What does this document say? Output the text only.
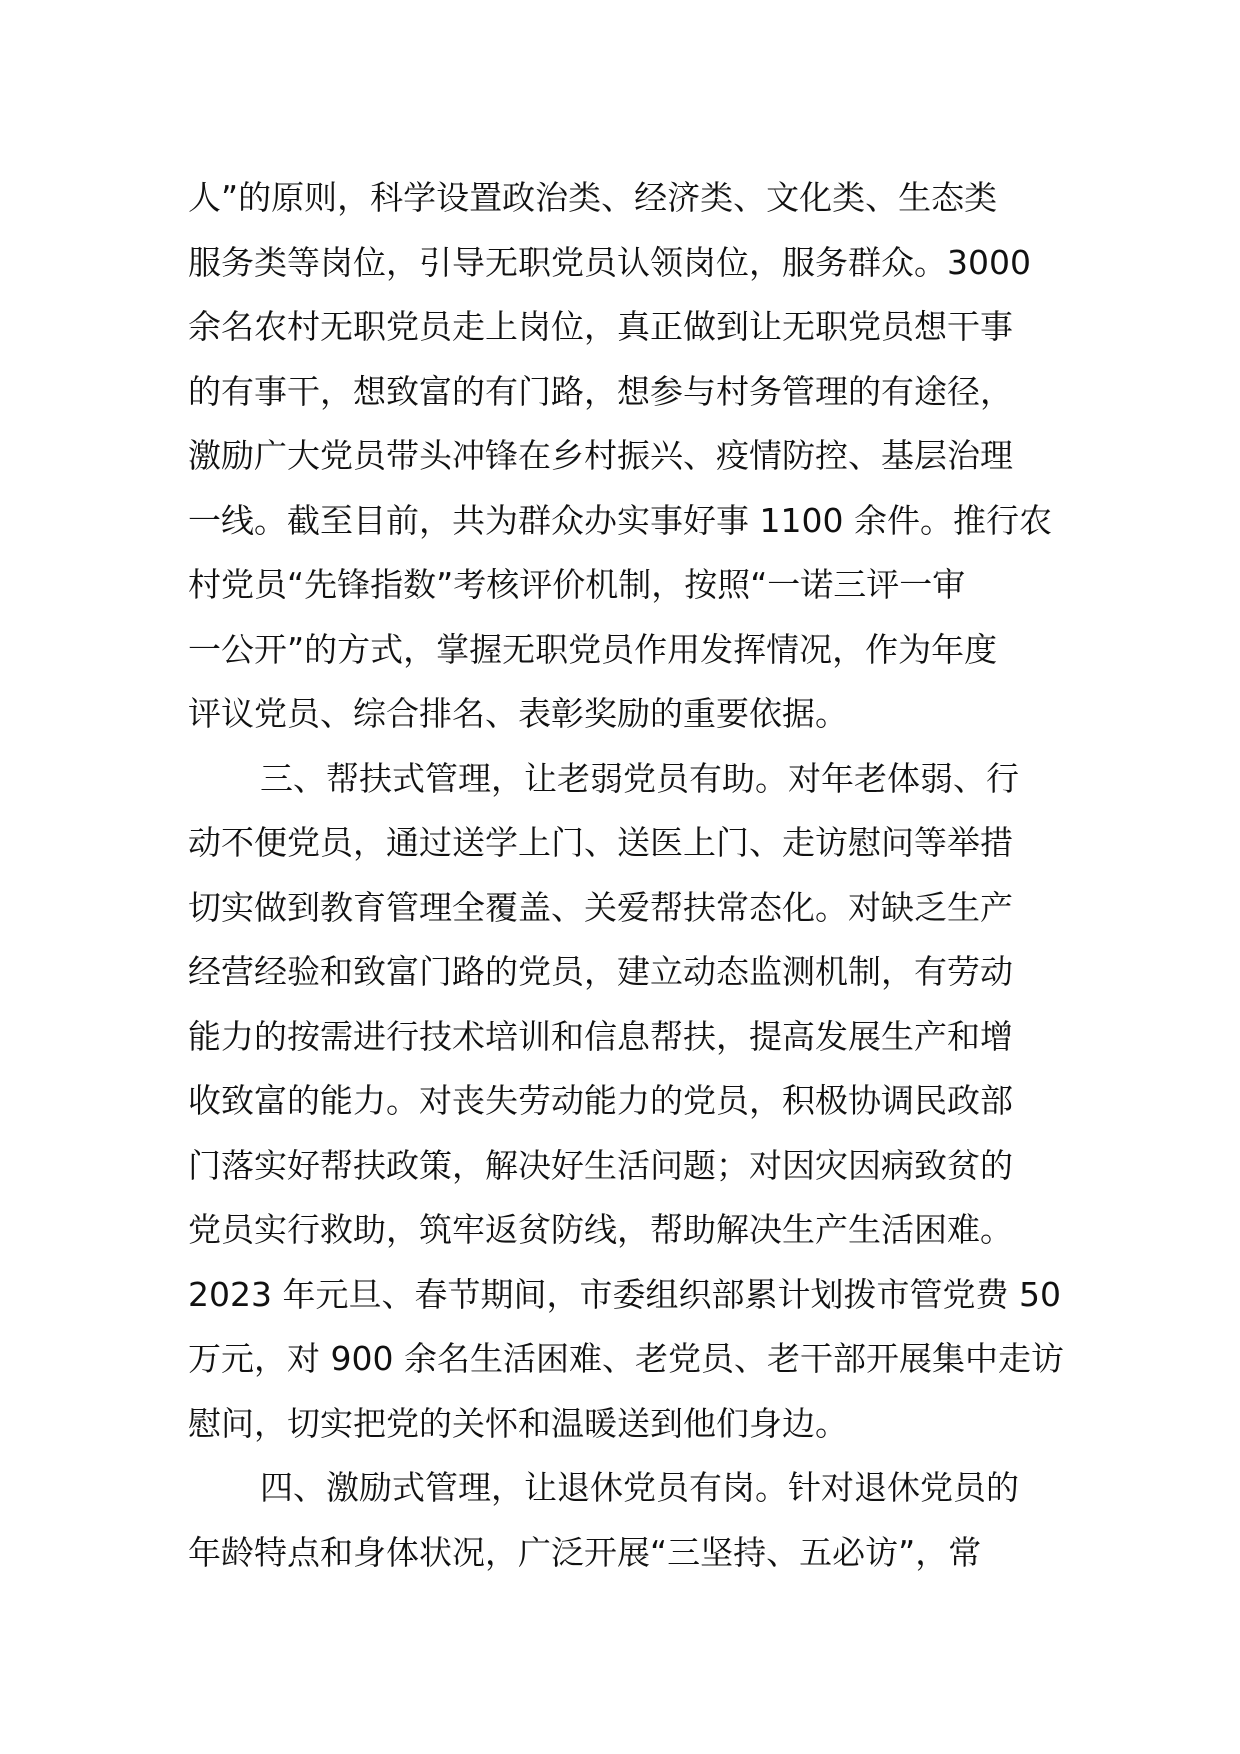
人”的原则，科学设置政治类、经济类、文化类、生态类
服务类等岗位，引导无职党员认领岗位，服务群众。3000
余名农村无职党员走上岗位，真正做到让无职党员想干事
的有事干，想致富的有门路，想参与村务管理的有途径，
激励广大党员带头冲锋在乡村振兴、疫情防控、基层治理
一线。截至目前，共为群众办实事好事 1100 余件。推行农
村党员“先锋指数”考核评价机制，按照“一诺三评一审
一公开”的方式，掌握无职党员作用发挥情况，作为年度
评议党员、综合排名、表彰奖励的重要依据。
三、帮扶式管理，让老弱党员有助。对年老体弱、行
动不便党员，通过送学上门、送医上门、走访慰问等举措
切实做到教育管理全覆盖、关爱帮扶常态化。对缺乏生产
经营经验和致富门路的党员，建立动态监测机制，有劳动
能力的按需进行技术培训和信息帮扶，提高发展生产和增
收致富的能力。对丧失劳动能力的党员，积极协调民政部
门落实好帮扶政策，解决好生活问题；对因灾因病致贫的
党员实行救助，筑牢返贫防线，帮助解决生产生活困难。
2023 年元旦、春节期间，市委组织部累计划拨市管党费 50
万元，对 900 余名生活困难、老党员、老干部开展集中走访
慰问，切实把党的关怀和温暖送到他们身边。
四、激励式管理，让退休党员有岗。针对退休党员的
年龄特点和身体状况，广泛开展“三坚持、五必访”，常
